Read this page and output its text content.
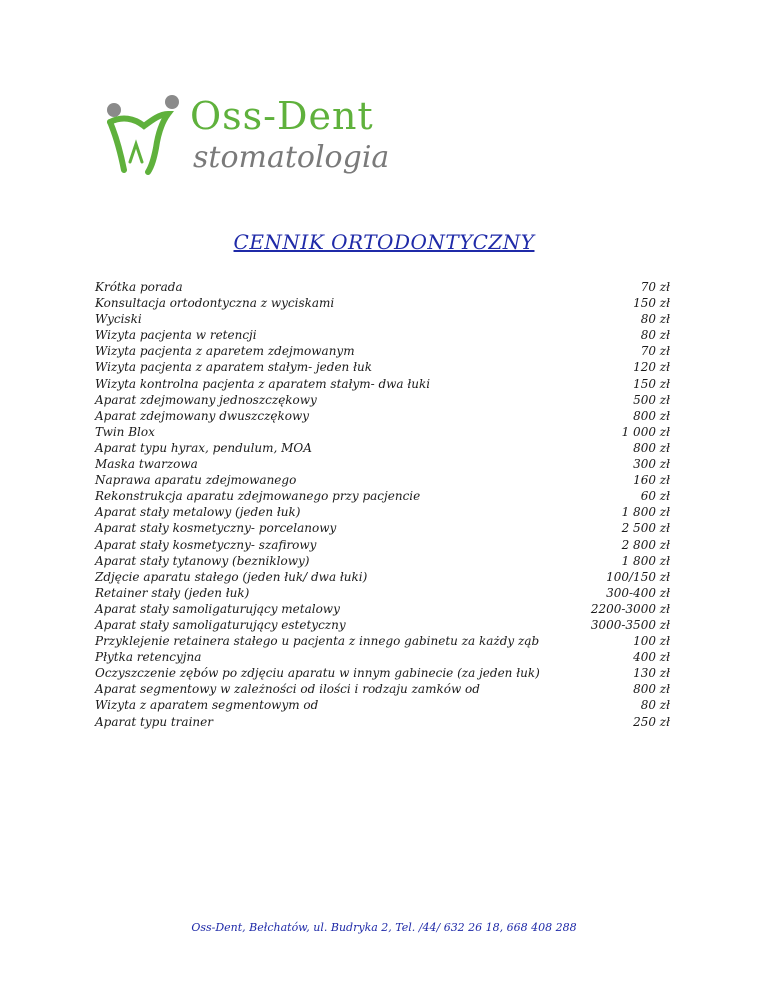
Oss-Dent
stomatologia
CENNIK ORTODONTYCZNY
Krótka porada	70 zł
Konsultacja ortodontyczna z wyciskami	150 zł
Wyciski	80 zł
Wizyta pacjenta w retencji	80 zł
Wizyta pacjenta z aparetem zdejmowanym	70 zł
Wizyta pacjenta z aparatem stałym- jeden łuk	120 zł
Wizyta kontrolna pacjenta z aparatem stałym- dwa łuki	150 zł
Aparat zdejmowany jednoszczękowy	500 zł
Aparat zdejmowany dwuszczękowy	800 zł
Twin Blox	1 000 zł
Aparat typu hyrax, pendulum, MOA	800 zł
Maska twarzowa	300 zł
Naprawa aparatu zdejmowanego	160 zł
Rekonstrukcja aparatu zdejmowanego przy pacjencie	60 zł
Aparat stały metalowy (jeden łuk)	1 800 zł
Aparat stały kosmetyczny- porcelanowy	2 500 zł
Aparat stały kosmetyczny- szafirowy	2 800 zł
Aparat stały tytanowy (bezniklowy)	1 800 zł
Zdjęcie aparatu stałego (jeden łuk/ dwa łuki)	100/150 zł
Retainer stały (jeden łuk)	300-400 zł
Aparat stały samoligaturujący metalowy	2200-3000 zł
Aparat stały samoligaturujący estetyczny	3000-3500 zł
Przyklejenie retainera stałego u pacjenta z innego gabinetu za każdy ząb	100 zł
Płytka retencyjna	400 zł
Oczyszczenie zębów po zdjęciu aparatu w innym gabinecie (za jeden łuk)	130 zł
Aparat segmentowy w zależności od ilości i rodzaju zamków od	800 zł
Wizyta z aparatem segmentowym od	80 zł
Aparat typu trainer	250 zł
Oss-Dent, Bełchatów, ul. Budryka 2, Tel. /44/ 632 26 18, 668 408 288
